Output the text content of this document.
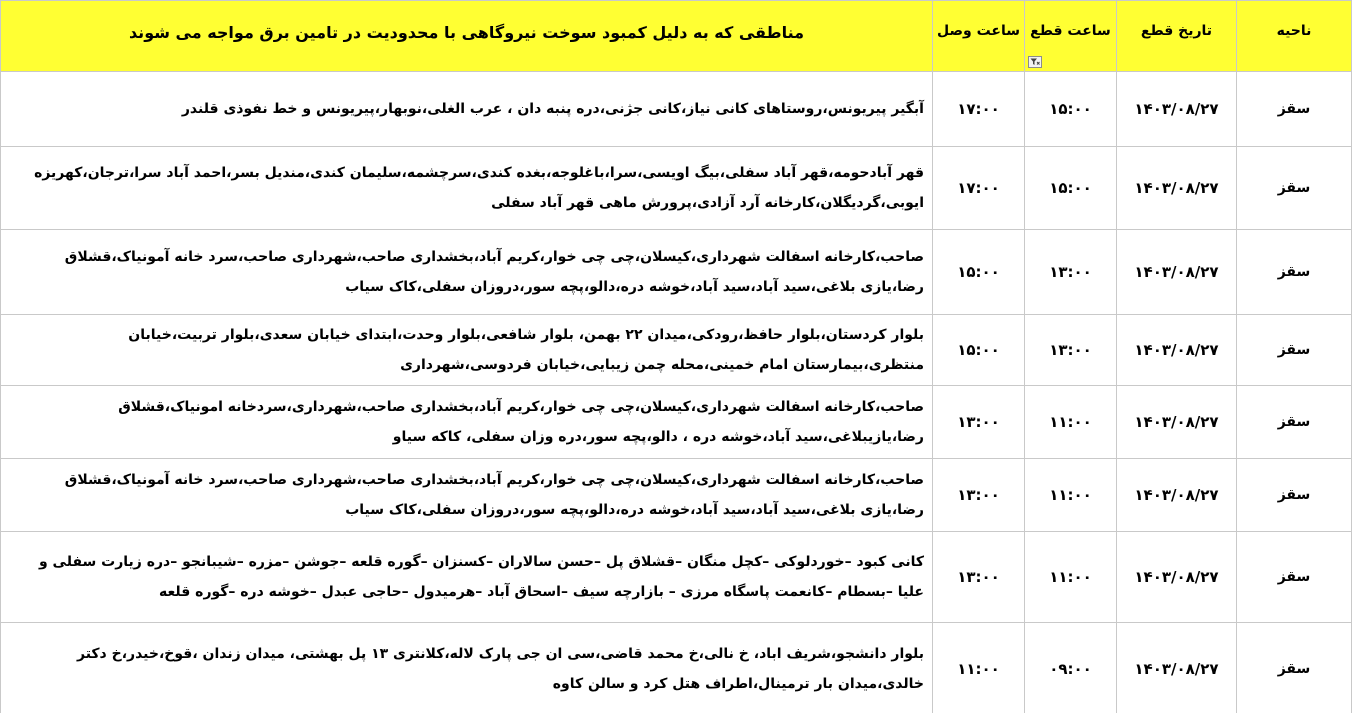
ناحیه	تاریخ قطع	ساعت قطع	ساعت وصل	مناطقی که به دلیل کمبود سوخت نیروگاهی با محدودیت در تامین برق مواجه می شوند

سقز	۱۴۰۳/۰۸/۲۷	۱۵:۰۰	۱۷:۰۰	آبگیر پیریونس،روستاهای کانی نیاز،کانی جژنی،دره پنبه دان ، عرب الغلی،نوبهار،پیریونس و خط نفوذی قلندر
سقز	۱۴۰۳/۰۸/۲۷	۱۵:۰۰	۱۷:۰۰	قهر آبادحومه،قهر آباد سفلی،بیگ اویسی،سرا،باغلوجه،بغده کندی،سرچشمه،سلیمان کندی،مندیل بسر،احمد آباد سرا،ترجان،کهریزه ایوبی،گردیگلان،کارخانه آرد آزادی،پرورش ماهی قهر آباد سفلی
سقز	۱۴۰۳/۰۸/۲۷	۱۳:۰۰	۱۵:۰۰	صاحب،کارخانه اسفالت شهرداری،کیسلان،چی چی خوار،کریم آباد،بخشداری صاحب،شهرداری صاحب،سرد خانه آمونیاک،قشلاق رضا،یازی بلاغی،سید آباد،سید آباد،خوشه دره،دالو،پچه سور،دروزان سفلی،کاک سیاب
سقز	۱۴۰۳/۰۸/۲۷	۱۳:۰۰	۱۵:۰۰	بلوار کردستان،بلوار حافظ،رودکی،میدان ۲۲ بهمن، بلوار شافعی،بلوار وحدت،ابتدای خیابان سعدی،بلوار تربیت،خیابان منتظری،بیمارستان امام خمینی،محله چمن زیبایی،خیابان فردوسی،شهرداری
سقز	۱۴۰۳/۰۸/۲۷	۱۱:۰۰	۱۳:۰۰	صاحب،کارخانه اسفالت شهرداری،کیسلان،چی چی خوار،کریم آباد،بخشداری صاحب،شهرداری،سردخانه امونیاک،قشلاق رضا،یازیبلاغی،سید آباد،خوشه دره ، دالو،پچه سور،دره وزان سفلی، کاکه سیاو
سقز	۱۴۰۳/۰۸/۲۷	۱۱:۰۰	۱۳:۰۰	صاحب،کارخانه اسفالت شهرداری،کیسلان،چی چی خوار،کریم آباد،بخشداری صاحب،شهرداری صاحب،سرد خانه آمونیاک،قشلاق رضا،یازی بلاغی،سید آباد،سید آباد،خوشه دره،دالو،پچه سور،دروزان سفلی،کاک سیاب
سقز	۱۴۰۳/۰۸/۲۷	۱۱:۰۰	۱۳:۰۰	کانی کبود –خوردلوکی –کچل منگان –قشلاق پل –حسن سالاران –کسنزان –گوره قلعه –جوشن –مزره –شیبانجو –دره زیارت سفلی و علیا –بسطام –کانعمت پاسگاه مرزی – بازارچه سیف –اسحاق آباد –هرمیدول –حاجی عبدل –خوشه دره –گوره قلعه
سقز	۱۴۰۳/۰۸/۲۷	۰۹:۰۰	۱۱:۰۰	بلوار دانشجو،شریف اباد، خ نالی،خ محمد قاضی،سی ان جی پارک لاله،کلانتری ۱۳ پل بهشتی، میدان زندان ،قوخ،خیدر،خ دکتر خالدی،میدان بار ترمینال،اطراف هتل کرد و سالن کاوه
